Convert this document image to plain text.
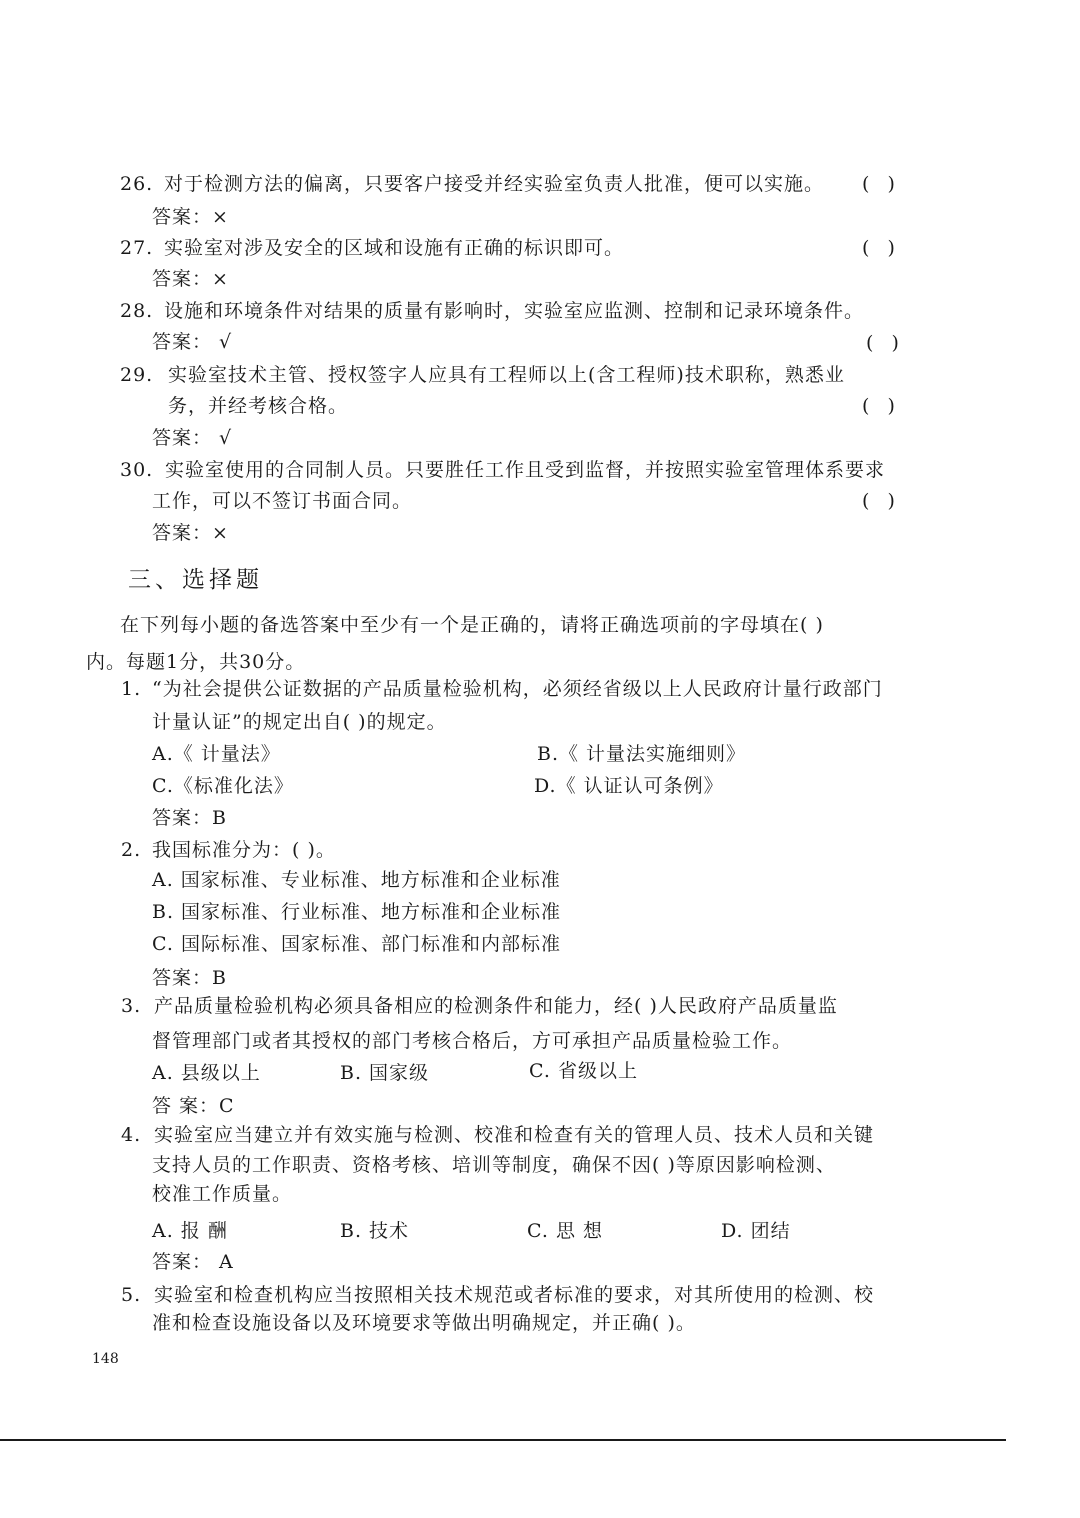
26. 对于检测方法的偏离，只要客户接受并经实验室负责人批准，便可以实施。 (   )
答案：×
27. 实验室对涉及安全的区域和设施有正确的标识即可。	(   )
答案：×
28. 设施和环境条件对结果的质量有影响时，实验室应监测、控制和记录环境条件。
答案： √	(   )
29. 实验室技术主管、授权签字人应具有工程师以上(含工程师)技术职称，熟悉业
务，并经考核合格。	(   )
答案： √
30. 实验室使用的合同制人员。只要胜任工作且受到监督，并按照实验室管理体系要求
工作，可以不签订书面合同。	(   )
答案：×
三、选择题
在下列每小题的备选答案中至少有一个是正确的，请将正确选项前的字母填在( )
内。每题1分，共30分。
1. “为社会提供公证数据的产品质量检验机构，必须经省级以上人民政府计量行政部门
计量认证”的规定出自( )的规定。
A.《 计量法》	B.《 计量法实施细则》
C.《标准化法》	D.《 认证认可条例》
答案：B
2. 我国标准分为：( )。
A. 国家标准、专业标准、地方标准和企业标准
B. 国家标准、行业标准、地方标准和企业标准
C. 国际标准、国家标准、部门标准和内部标准
答案：B
3. 产品质量检验机构必须具备相应的检测条件和能力，经( )人民政府产品质量监
督管理部门或者其授权的部门考核合格后，方可承担产品质量检验工作。
A. 县级以上	B. 国家级	C. 省级以上
答 案：C
4. 实验室应当建立并有效实施与检测、校准和检查有关的管理人员、技术人员和关键
支持人员的工作职责、资格考核、培训等制度，确保不因( )等原因影响检测、
校准工作质量。
A. 报 酬	B. 技术	C. 思 想	D. 团结
答案： A
5. 实验室和检查机构应当按照相关技术规范或者标准的要求，对其所使用的检测、校
准和检查设施设备以及环境要求等做出明确规定，并正确( )。
148
